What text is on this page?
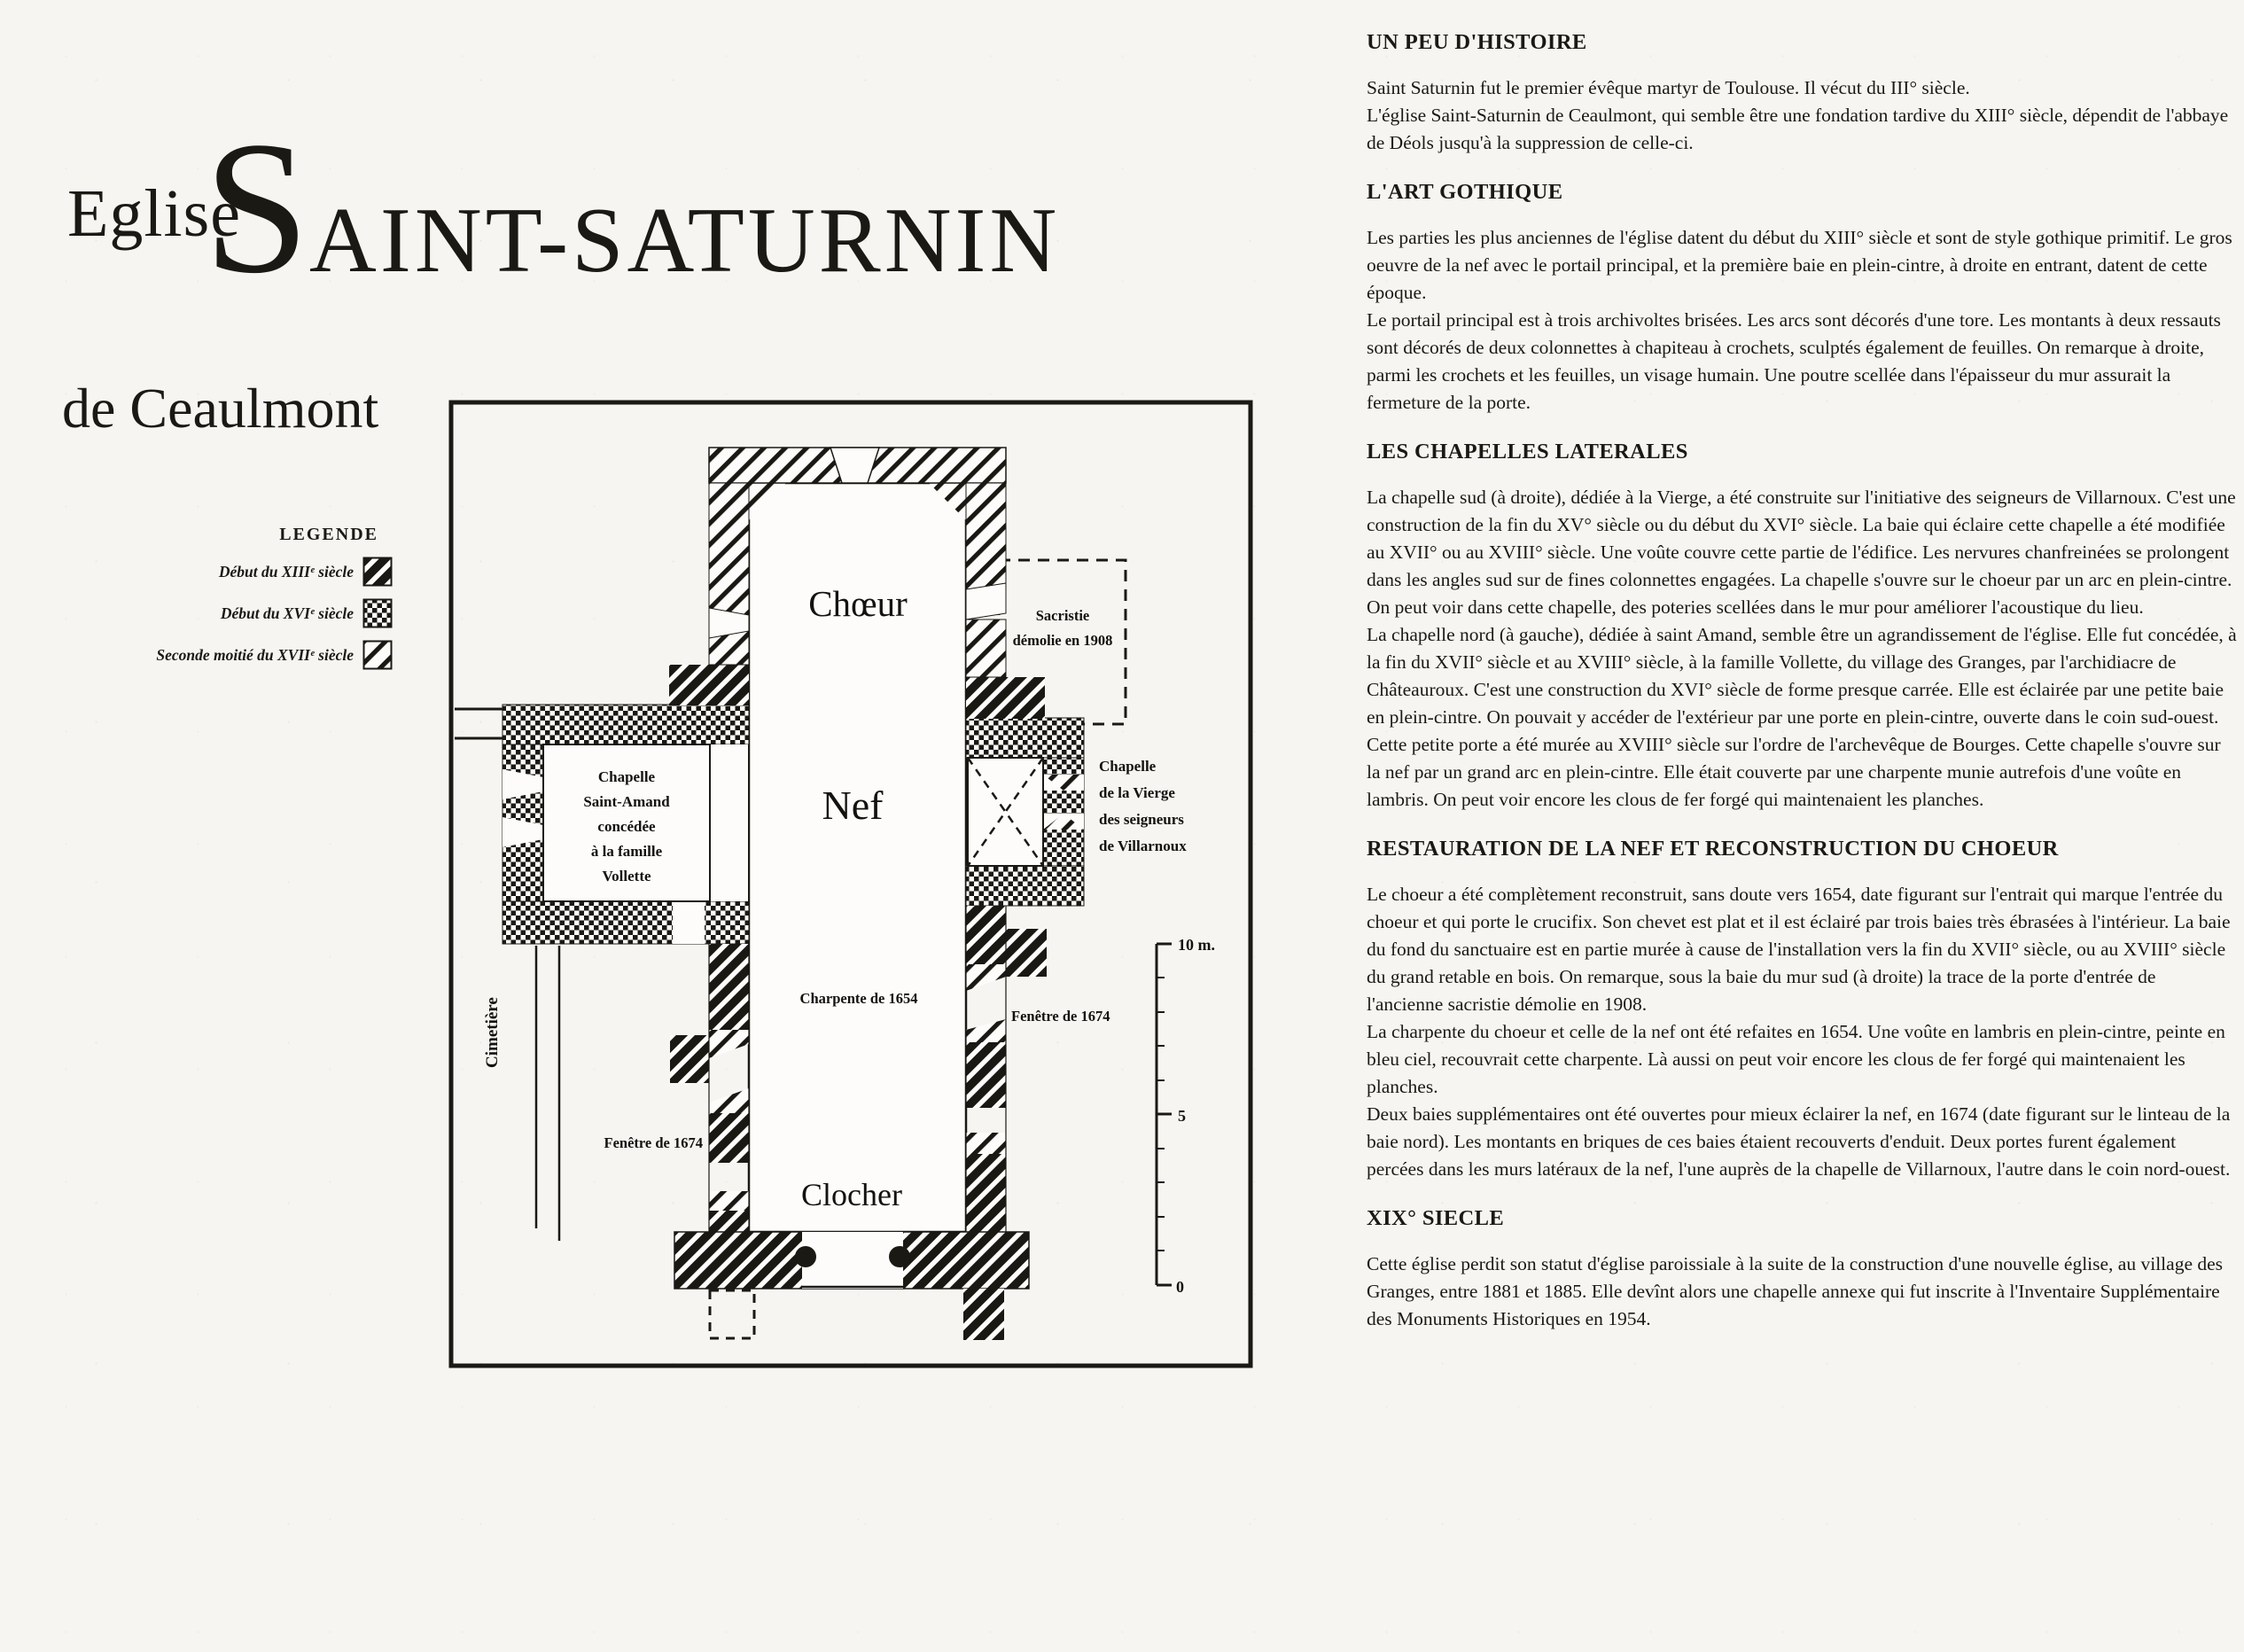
Eglise
SAINT-SATURNIN
de Ceaulmont
LEGENDE
Début du XIIIᵉ siècle
Début du XVIᵉ siècle
Seconde moitié du XVIIᵉ siècle
Sacristie
démolie en 1908
Cimetière
Chapelle
Saint-Amand
concédée
à la famille
Vollette
Chapelle
de la Vierge
des seigneurs
de Villarnoux
10 m.
5
0
Chœur
Nef
Charpente de 1654
Clocher
Fenêtre de 1674
Fenêtre de 1674
UN PEU D'HISTOIRE

Saint Saturnin fut le premier évêque martyr de Toulouse. Il vécut du III° siècle.

L'église Saint-Saturnin de Ceaulmont, qui semble être une fondation tardive du XIII° siècle, dépendit de l'abbaye de Déols jusqu'à la suppression de celle-ci.

L'ART GOTHIQUE

Les parties les plus anciennes de l'église datent du début du XIII° siècle et sont de style gothique primitif. Le gros oeuvre de la nef avec le portail principal, et la première baie en plein-cintre, à droite en entrant, datent de cette époque.

Le portail principal est à trois archivoltes brisées. Les arcs sont décorés d'une tore. Les montants à deux ressauts sont décorés de deux colonnettes à chapiteau à crochets, sculptés également de feuilles. On remarque à droite, parmi les crochets et les feuilles, un visage humain. Une poutre scellée dans l'épaisseur du mur assurait la fermeture de la porte.

LES CHAPELLES LATERALES

La chapelle sud (à droite), dédiée à la Vierge, a été construite sur l'initiative des seigneurs de Villarnoux. C'est une construction de la fin du XV° siècle ou du début du XVI° siècle. La baie qui éclaire cette chapelle a été modifiée au XVII° ou au XVIII° siècle. Une voûte couvre cette partie de l'édifice. Les nervures chanfreinées se prolongent dans les angles sud sur de fines colonnettes engagées. La chapelle s'ouvre sur le choeur par un arc en plein-cintre. On peut voir dans cette chapelle, des poteries scellées dans le mur pour améliorer l'acoustique du lieu.

La chapelle nord (à gauche), dédiée à saint Amand, semble être un agrandissement de l'église. Elle fut concédée, à la fin du XVII° siècle et au XVIII° siècle, à la famille Vollette, du village des Granges, par l'archidiacre de Châteauroux. C'est une construction du XVI° siècle de forme presque carrée. Elle est éclairée par une petite baie en plein-cintre. On pouvait y accéder de l'extérieur par une porte en plein-cintre, ouverte dans le coin sud-ouest. Cette petite porte a été murée au XVIII° siècle sur l'ordre de l'archevêque de Bourges. Cette chapelle s'ouvre sur la nef par un grand arc en plein-cintre. Elle était couverte par une charpente munie autrefois d'une voûte en lambris. On peut voir encore les clous de fer forgé qui maintenaient les planches.

RESTAURATION DE LA NEF ET RECONSTRUCTION DU CHOEUR

Le choeur a été complètement reconstruit, sans doute vers 1654, date figurant sur l'entrait qui marque l'entrée du choeur et qui porte le crucifix. Son chevet est plat et il est éclairé par trois baies très ébrasées à l'intérieur. La baie du fond du sanctuaire est en partie murée à cause de l'installation vers la fin du XVII° siècle, ou au XVIII° siècle du grand retable en bois. On remarque, sous la baie du mur sud (à droite) la trace de la porte d'entrée de l'ancienne sacristie démolie en 1908.

La charpente du choeur et celle de la nef ont été refaites en 1654. Une voûte en lambris en plein-cintre, peinte en bleu ciel, recouvrait cette charpente. Là aussi on peut voir encore les clous de fer forgé qui maintenaient les planches.

Deux baies supplémentaires ont été ouvertes pour mieux éclairer la nef, en 1674 (date figurant sur le linteau de la baie nord). Les montants en briques de ces baies étaient recouverts d'enduit. Deux portes furent également percées dans les murs latéraux de la nef, l'une auprès de la chapelle de Villarnoux, l'autre dans le coin nord-ouest.

XIX° SIECLE

Cette église perdit son statut d'église paroissiale à la suite de la construction d'une nouvelle église, au village des Granges, entre 1881 et 1885. Elle devînt alors une chapelle annexe qui fut inscrite à l'Inventaire Supplémentaire des Monuments Historiques en 1954.
